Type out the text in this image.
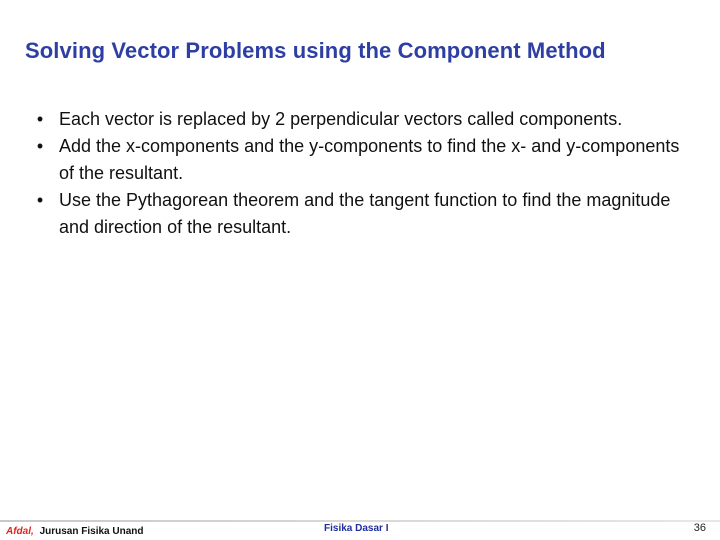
Solving Vector Problems using the Component Method
• Each vector is replaced by 2 perpendicular vectors called components.
• Add the x-components and the y-components to find the x- and y-components of the resultant.
• Use the Pythagorean theorem and the tangent function to find the magnitude and direction of the resultant.
Afdal, Jurusan Fisika Unand	Fisika Dasar I	36
